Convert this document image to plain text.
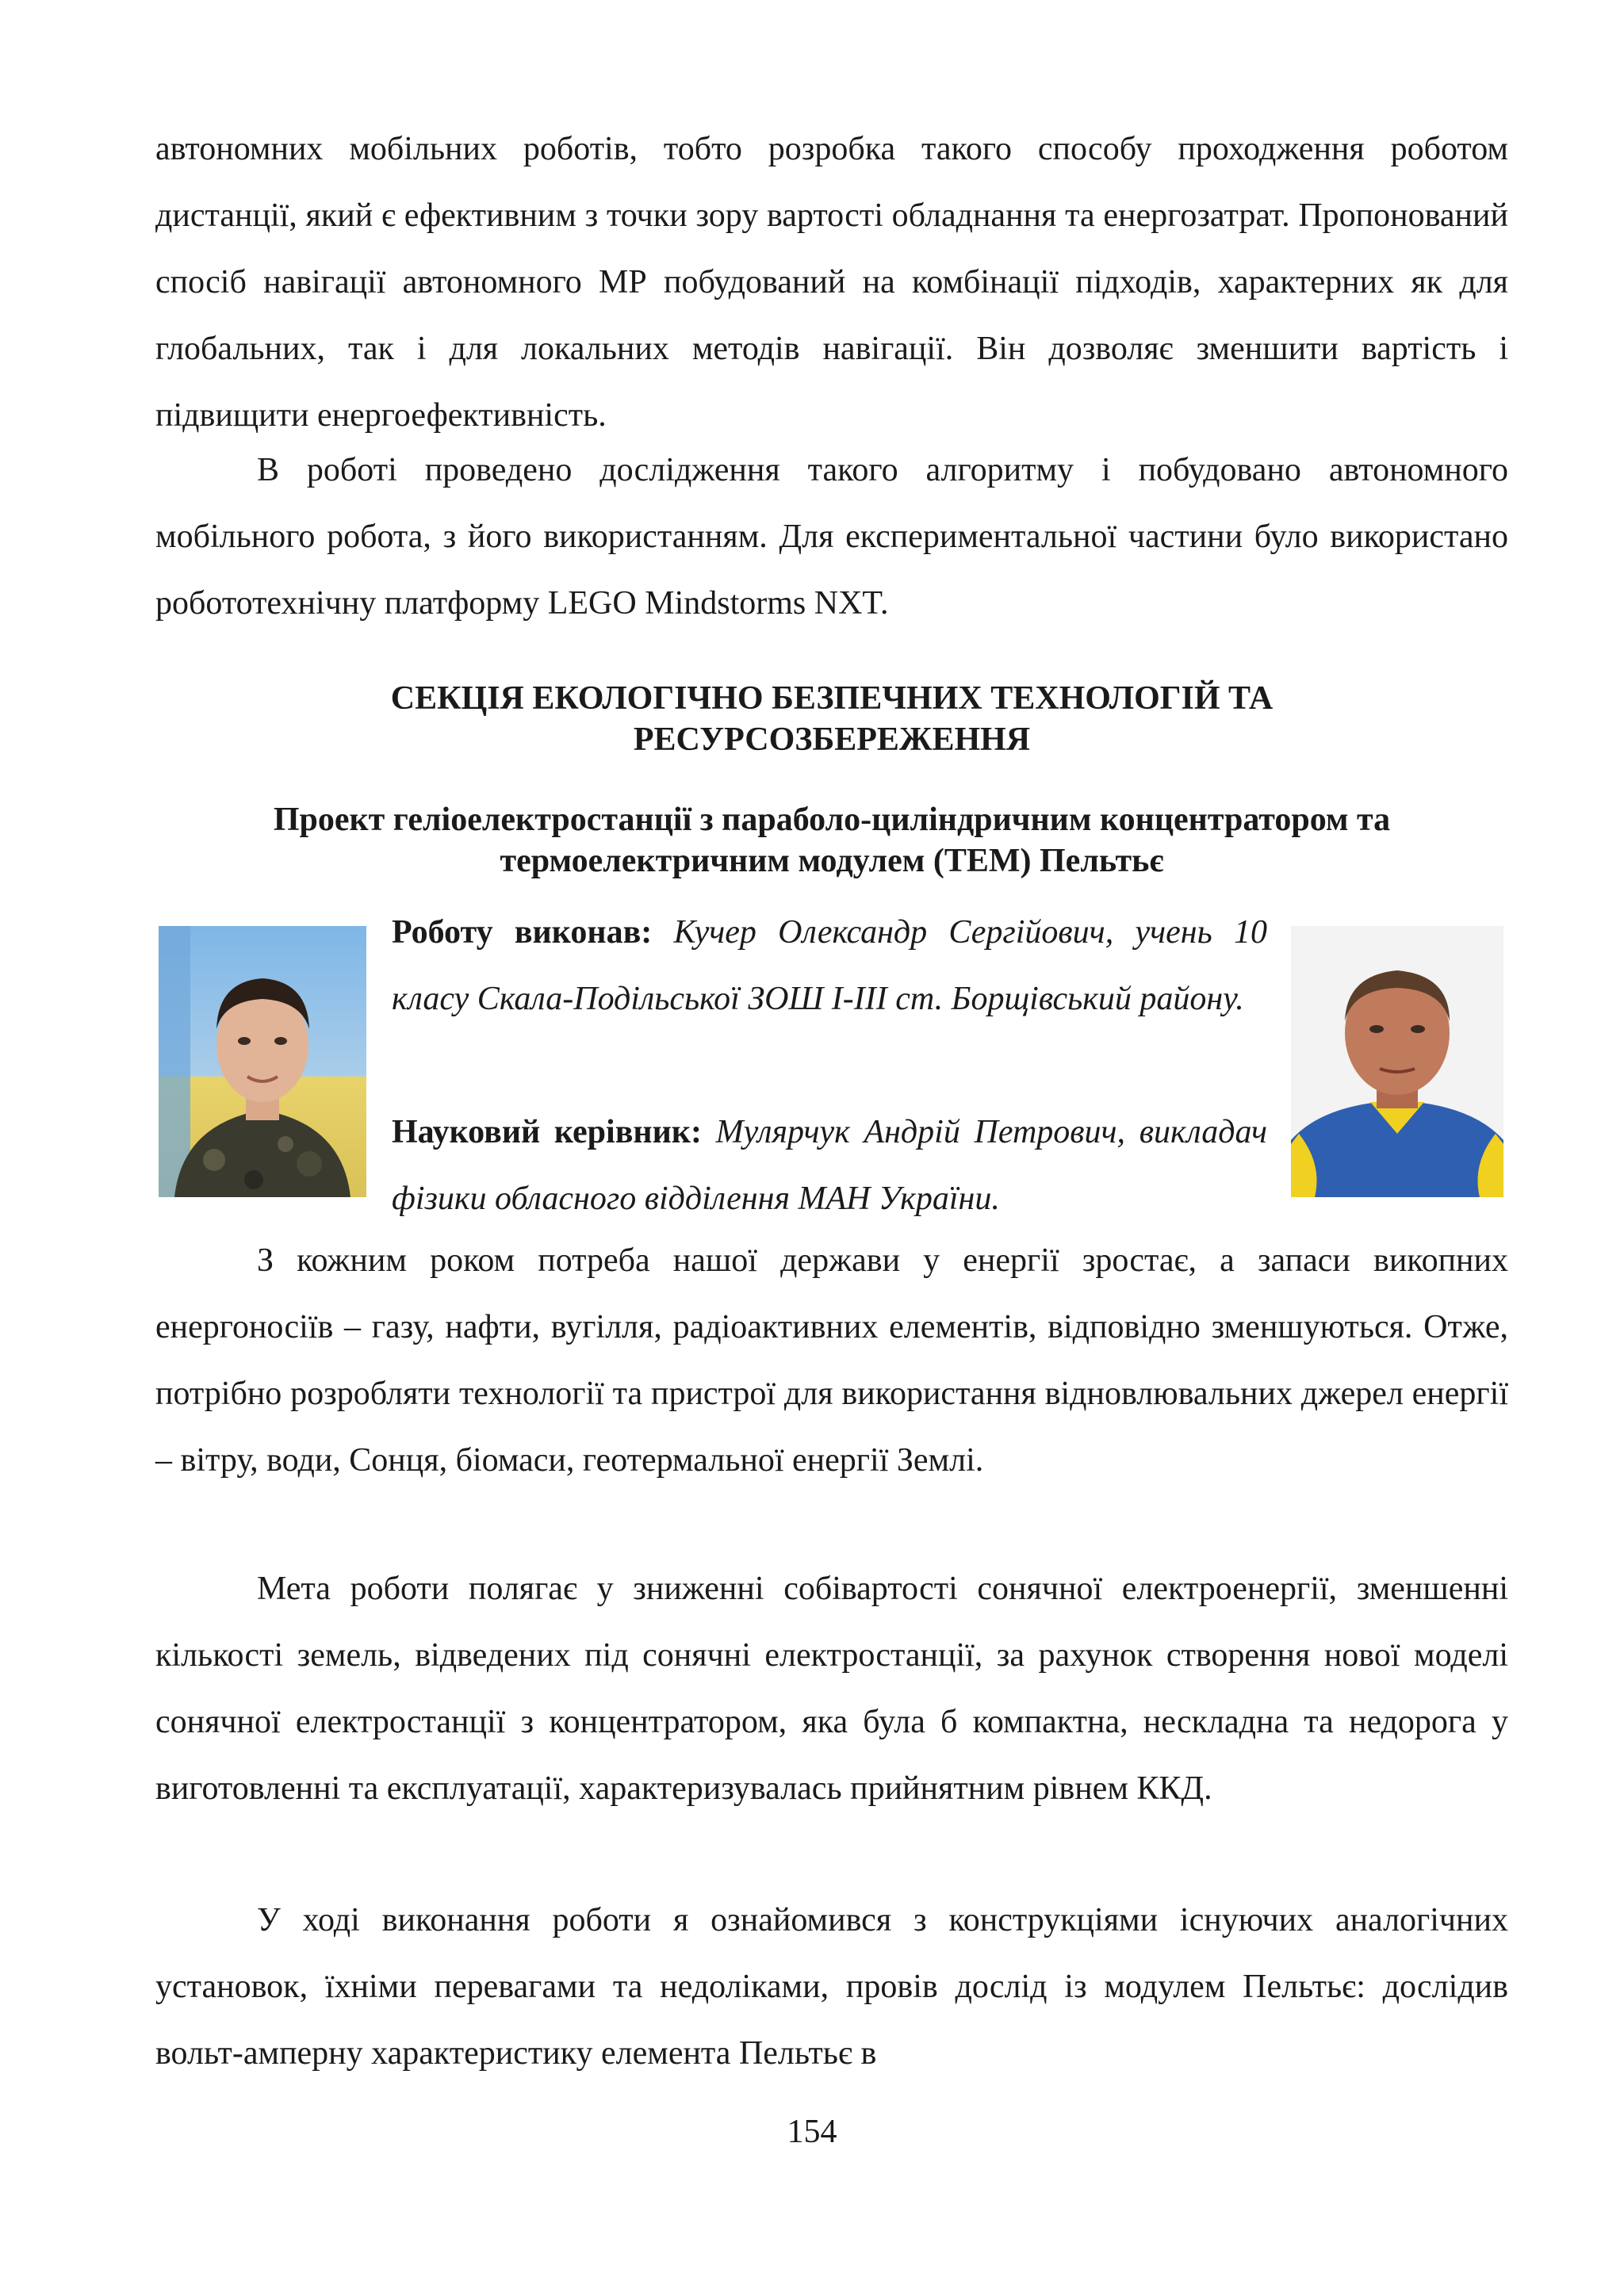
автономних мобільних роботів, тобто розробка такого способу проходження роботом дистанції, який є ефективним з точки зору вартості обладнання та енергозатрат. Пропонований спосіб навігації автономного МР побудований на комбінації підходів, характерних як для глобальних, так і для локальних методів навігації. Він дозволяє зменшити вартість і підвищити енергоефективність.

В роботі проведено дослідження такого алгоритму і побудовано автономного мобільного робота, з його використанням. Для експериментальної частини було використано робототехнічну платформу LEGO Mindstorms NXT.

СЕКЦІЯ ЕКОЛОГІЧНО БЕЗПЕЧНИХ ТЕХНОЛОГІЙ ТА
РЕСУРСОЗБЕРЕЖЕННЯ
Проект геліоелектростанції з параболо-циліндричним концентратором та
термоелектричним модулем (ТЕМ) Пельтьє

Роботу виконав: Кучер Олександр Сергійович, учень 10 класу Скала-Подільської ЗОШ І-ІІІ ст. Борщівський району.

Науковий керівник: Мулярчук Андрій Петрович, викладач фізики обласного відділення МАН України.

З кожним роком потреба нашої держави у енергії зростає, а запаси викопних енергоносіїв – газу, нафти, вугілля, радіоактивних елементів, відповідно зменшуються. Отже, потрібно розробляти технології та пристрої для використання відновлювальних джерел енергії – вітру, води, Сонця, біомаси, геотермальної енергії Землі.

Мета роботи полягає у зниженні собівартості сонячної електроенергії, зменшенні кількості земель, відведених під сонячні електростанції, за рахунок створення нової моделі сонячної електростанції з концентратором, яка була б компактна, нескладна та недорога у виготовленні та експлуатації, характеризувалась прийнятним рівнем ККД.

У ході виконання роботи я ознайомився з конструкціями існуючих аналогічних установок, їхніми перевагами та недоліками, провів дослід із модулем Пельтьє: дослідив вольт-амперну характеристику елемента Пельтьє в

154
